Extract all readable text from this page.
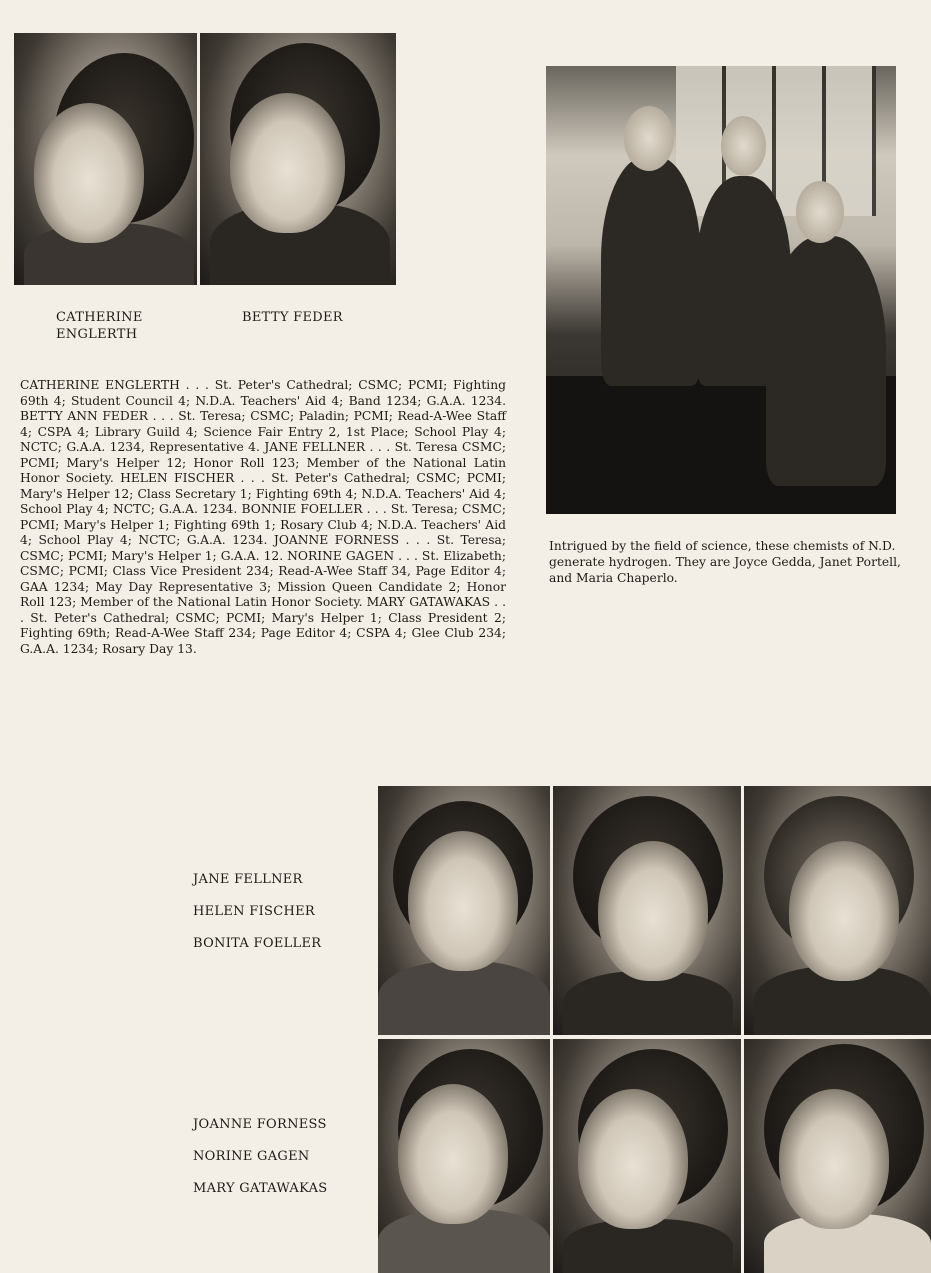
CATHERINE
ENGLERTH
BETTY FEDER
CATHERINE ENGLERTH . . . St. Peter's Cathedral; CSMC; PCMI; Fighting 69th 4; Student Council 4; N.D.A. Teachers' Aid 4; Band 1234; G.A.A. 1234. BETTY ANN FEDER . . . St. Teresa; CSMC; Paladin; PCMI; Read-A-Wee Staff 4; CSPA 4; Library Guild 4; Science Fair Entry 2, 1st Place; School Play 4; NCTC; G.A.A. 1234, Representative 4. JANE FELLNER . . . St. Teresa CSMC; PCMI; Mary's Helper 12; Honor Roll 123; Member of the National Latin Honor Society. HELEN FISCHER . . . St. Peter's Cathedral; CSMC; PCMI; Mary's Helper 12; Class Secretary 1; Fighting 69th 4; N.D.A. Teachers' Aid 4; School Play 4; NCTC; G.A.A. 1234. BONNIE FOELLER . . . St. Teresa; CSMC; PCMI; Mary's Helper 1; Fighting 69th 1; Rosary Club 4; N.D.A. Teachers' Aid 4; School Play 4; NCTC; G.A.A. 1234. JOANNE FORNESS . . . St. Teresa; CSMC; PCMI; Mary's Helper 1; G.A.A. 12. NORINE GAGEN . . . St. Elizabeth; CSMC; PCMI; Class Vice President 234; Read-A-Wee Staff 34, Page Editor 4; GAA 1234; May Day Representative 3; Mission Queen Candidate 2; Honor Roll 123; Member of the National Latin Honor Society. MARY GATAWAKAS . . . St. Peter's Cathedral; CSMC; PCMI; Mary's Helper 1; Class President 2; Fighting 69th; Read-A-Wee Staff 234; Page Editor 4; CSPA 4; Glee Club 234; G.A.A. 1234; Rosary Day 13.
Intrigued by the field of science, these chemists of N.D. generate hydrogen. They are Joyce Gedda, Janet Portell, and Maria Chaperlo.
JANE FELLNER
HELEN FISCHER
BONITA FOELLER
JOANNE FORNESS
NORINE GAGEN
MARY GATAWAKAS
